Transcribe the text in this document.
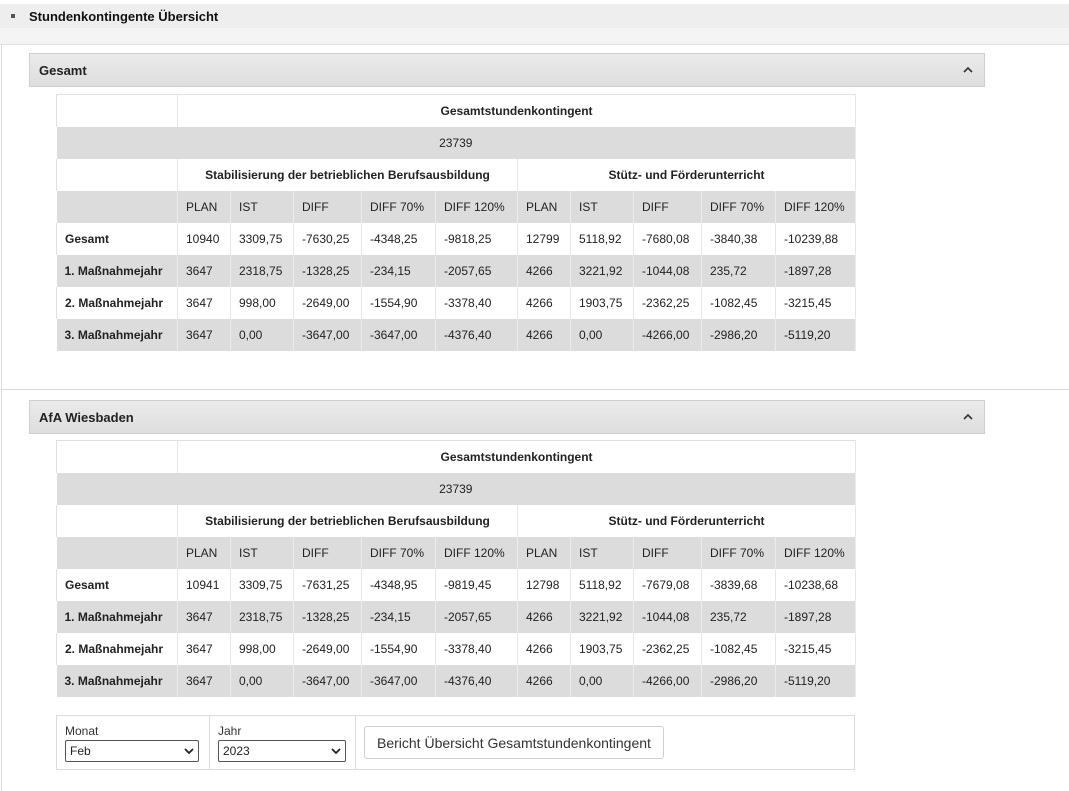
Stundenkontingente Übersicht
Gesamt
	Gesamtstundenkontingent									
23739										
	Stabilisierung der betrieblichen Berufsausbildung					Stütz- und Förderunterricht				
	PLAN	IST	DIFF	DIFF 70%	DIFF 120%	PLAN	IST	DIFF	DIFF 70%	DIFF 120%
Gesamt	10940	3309,75	-7630,25	-4348,25	-9818,25	12799	5118,92	-7680,08	-3840,38	-10239,88
1. Maßnahmejahr	3647	2318,75	-1328,25	-234,15	-2057,65	4266	3221,92	-1044,08	235,72	-1897,28
2. Maßnahmejahr	3647	998,00	-2649,00	-1554,90	-3378,40	4266	1903,75	-2362,25	-1082,45	-3215,45
3. Maßnahmejahr	3647	0,00	-3647,00	-3647,00	-4376,40	4266	0,00	-4266,00	-2986,20	-5119,20
AfA Wiesbaden
	Gesamtstundenkontingent									
23739										
	Stabilisierung der betrieblichen Berufsausbildung					Stütz- und Förderunterricht				
	PLAN	IST	DIFF	DIFF 70%	DIFF 120%	PLAN	IST	DIFF	DIFF 70%	DIFF 120%
Gesamt	10941	3309,75	-7631,25	-4348,95	-9819,45	12798	5118,92	-7679,08	-3839,68	-10238,68
1. Maßnahmejahr	3647	2318,75	-1328,25	-234,15	-2057,65	4266	3221,92	-1044,08	235,72	-1897,28
2. Maßnahmejahr	3647	998,00	-2649,00	-1554,90	-3378,40	4266	1903,75	-2362,25	-1082,45	-3215,45
3. Maßnahmejahr	3647	0,00	-3647,00	-3647,00	-4376,40	4266	0,00	-4266,00	-2986,20	-5119,20
Monat
Feb
Jahr
2023
Bericht Übersicht Gesamtstundenkontingent
